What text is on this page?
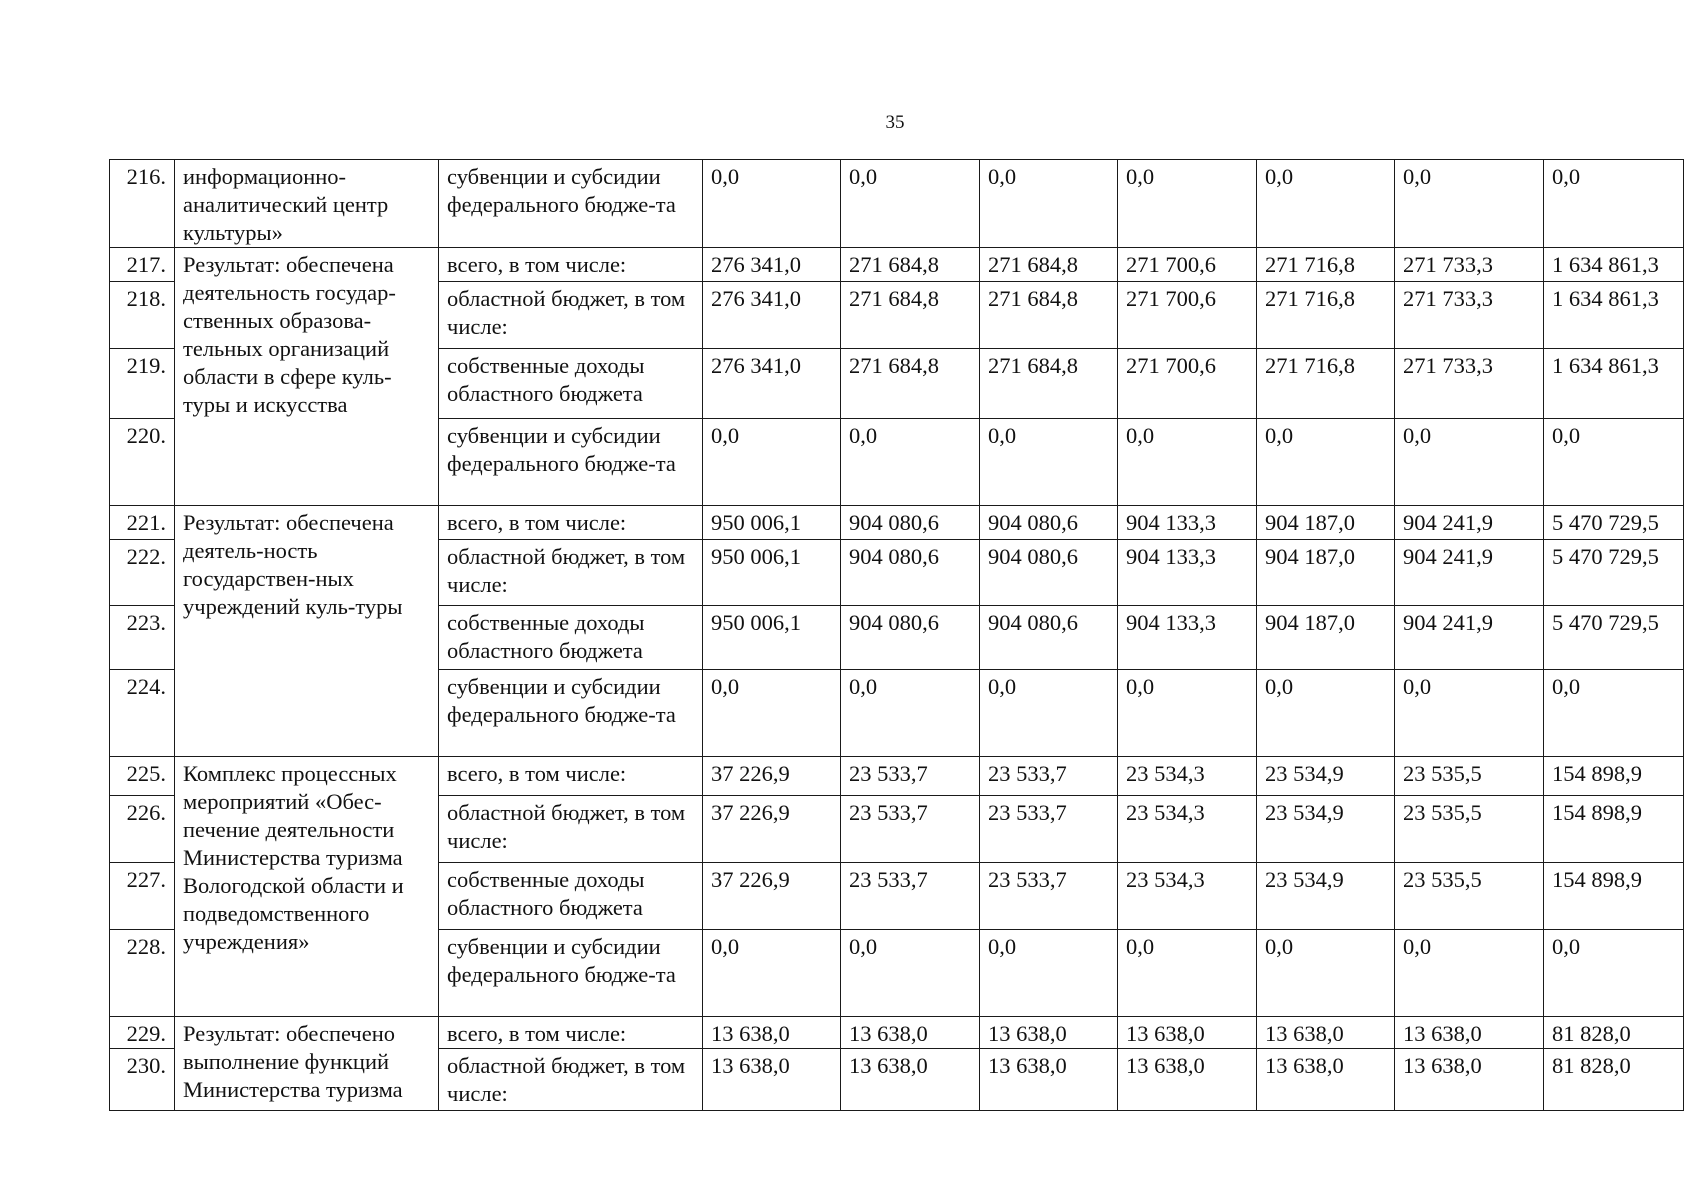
35
216.	информационно-аналитический центр культуры»	субвенции и субсидии федерального бюдже-та	0,0	0,0	0,0	0,0	0,0	0,0	0,0
217.	Результат: обеспечена деятельность государ-ственных образова-тельных организаций области в сфере куль-туры и искусства	всего, в том числе:	276 341,0	271 684,8	271 684,8	271 700,6	271 716,8	271 733,3	1 634 861,3
218.		областной бюджет, в том числе:	276 341,0	271 684,8	271 684,8	271 700,6	271 716,8	271 733,3	1 634 861,3
219.		собственные доходы областного бюджета	276 341,0	271 684,8	271 684,8	271 700,6	271 716,8	271 733,3	1 634 861,3
220.		субвенции и субсидии федерального бюдже-та	0,0	0,0	0,0	0,0	0,0	0,0	0,0
221.	Результат: обеспечена деятель-ность государствен-ных учреждений куль-туры	всего, в том числе:	950 006,1	904 080,6	904 080,6	904 133,3	904 187,0	904 241,9	5 470 729,5
222.		областной бюджет, в том числе:	950 006,1	904 080,6	904 080,6	904 133,3	904 187,0	904 241,9	5 470 729,5
223.		собственные доходы областного бюджета	950 006,1	904 080,6	904 080,6	904 133,3	904 187,0	904 241,9	5 470 729,5
224.		субвенции и субсидии федерального бюдже-та	0,0	0,0	0,0	0,0	0,0	0,0	0,0
225.	Комплекс процессных мероприятий «Обес-печение деятельности Министерства туризма Вологодской области и подведомственного учреждения»	всего, в том числе:	37 226,9	23 533,7	23 533,7	23 534,3	23 534,9	23 535,5	154 898,9
226.		областной бюджет, в том числе:	37 226,9	23 533,7	23 533,7	23 534,3	23 534,9	23 535,5	154 898,9
227.		собственные доходы областного бюджета	37 226,9	23 533,7	23 533,7	23 534,3	23 534,9	23 535,5	154 898,9
228.		субвенции и субсидии федерального бюдже-та	0,0	0,0	0,0	0,0	0,0	0,0	0,0
229.	Результат: обеспечено выполнение функций Министерства туризма	всего, в том числе:	13 638,0	13 638,0	13 638,0	13 638,0	13 638,0	13 638,0	81 828,0
230.		областной бюджет, в том числе:	13 638,0	13 638,0	13 638,0	13 638,0	13 638,0	13 638,0	81 828,0
